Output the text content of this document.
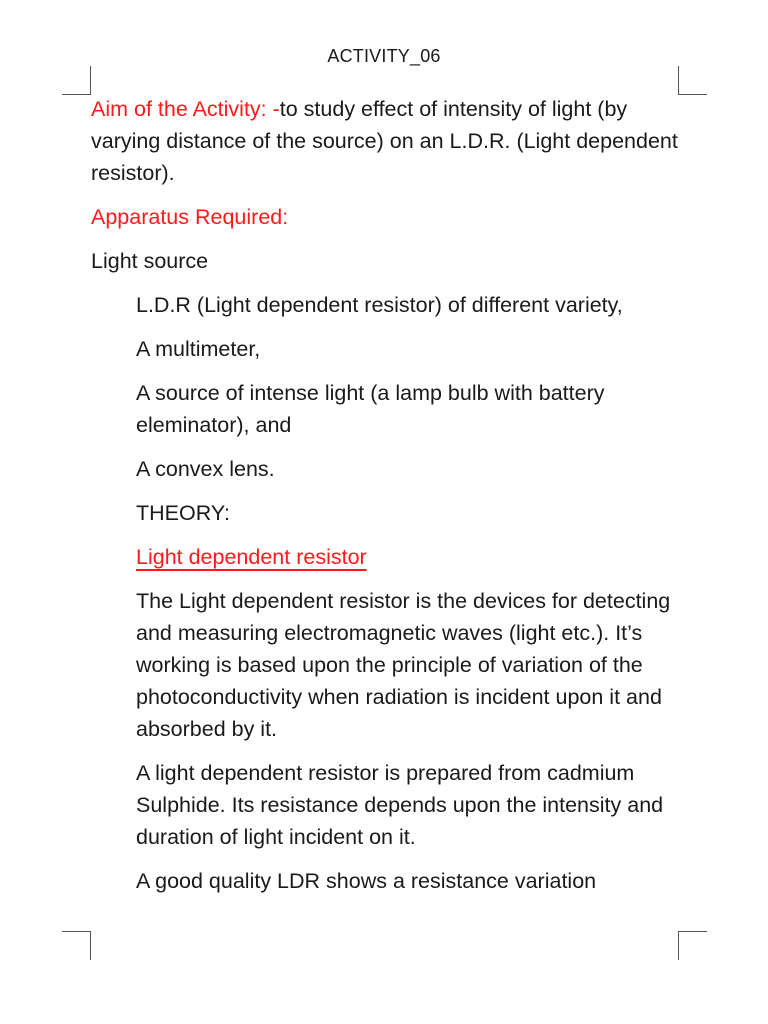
ACTIVITY_06

Aim of the Activity: -to study effect of intensity of light (by varying distance of the source) on an L.D.R. (Light dependent resistor).

Apparatus Required:

Light source

L.D.R (Light dependent resistor) of different variety,

A multimeter,

A source of intense light (a lamp bulb with battery eleminator), and

A convex lens.

THEORY:

Light dependent resistor

The Light dependent resistor is the devices for detecting and measuring electromagnetic waves (light etc.). It’s working is based upon the principle of variation of the photoconductivity when radiation is incident upon it and absorbed by it.

A light dependent resistor is prepared from cadmium Sulphide. Its resistance depends upon the intensity and duration of light incident on it.

A good quality LDR shows a resistance variation
